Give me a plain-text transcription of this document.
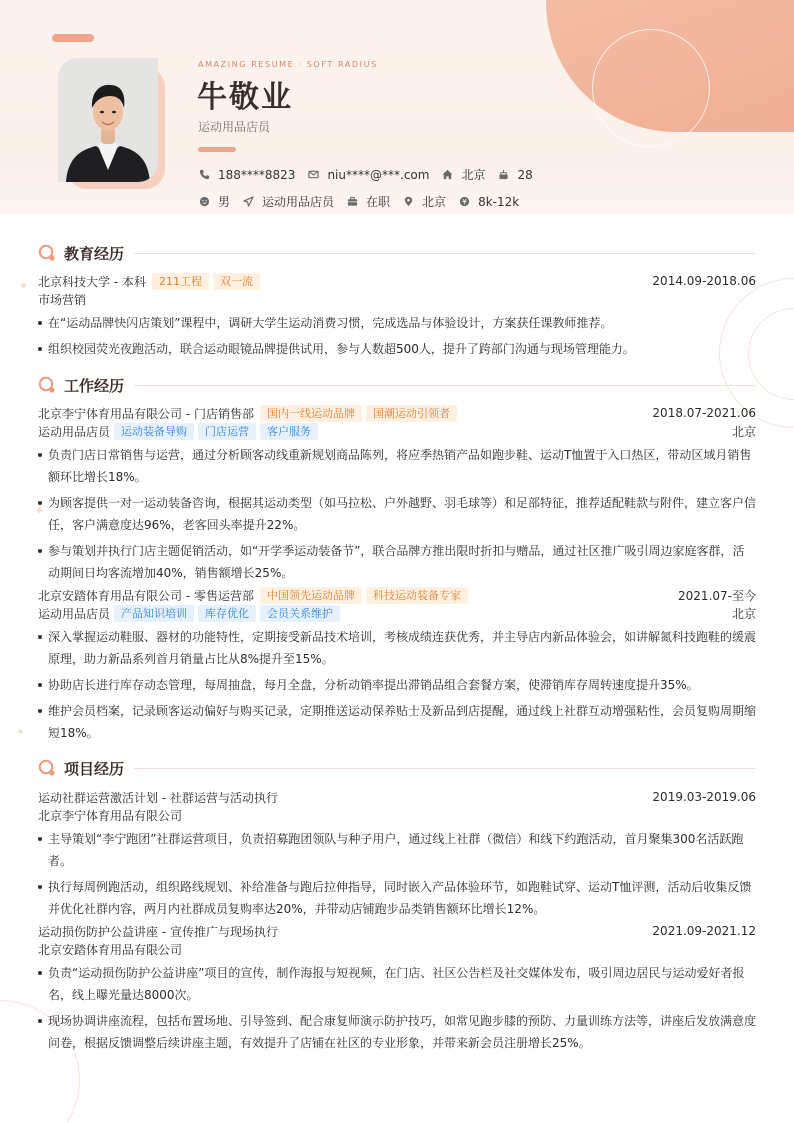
AMAZING RESUME · SOFT RADIUS
牛敬业
运动用品店员
188****8823	niu****@***.com	北京	28
男	运动用品店员	在职	北京	8k-12k
教育经历
北京科技大学 - 本科	211工程	双一流	2014.09-2018.06
市场营销
在“运动品牌快闪店策划”课程中，调研大学生运动消费习惯，完成选品与体验设计，方案获任课教师推荐。
组织校园荧光夜跑活动，联合运动眼镜品牌提供试用，参与人数超500人，提升了跨部门沟通与现场管理能力。
工作经历
北京李宁体育用品有限公司 - 门店销售部	国内一线运动品牌	国潮运动引领者	2018.07-2021.06
运动用品店员	运动装备导购	门店运营	客户服务	北京
负责门店日常销售与运营，通过分析顾客动线重新规划商品陈列，将应季热销产品如跑步鞋、运动T恤置于入口热区，带动区域月销售额环比增长18%。
为顾客提供一对一运动装备咨询，根据其运动类型（如马拉松、户外越野、羽毛球等）和足部特征，推荐适配鞋款与附件，建立客户信任，客户满意度达96%，老客回头率提升22%。
参与策划并执行门店主题促销活动，如“开学季运动装备节”，联合品牌方推出限时折扣与赠品，通过社区推广吸引周边家庭客群，活动期间日均客流增加40%，销售额增长25%。
北京安踏体育用品有限公司 - 零售运营部	中国领先运动品牌	科技运动装备专家	2021.07-至今
运动用品店员	产品知识培训	库存优化	会员关系维护	北京
深入掌握运动鞋服、器材的功能特性，定期接受新品技术培训，考核成绩连获优秀，并主导店内新品体验会，如讲解氮科技跑鞋的缓震原理，助力新品系列首月销量占比从8%提升至15%。
协助店长进行库存动态管理，每周抽盘，每月全盘，分析动销率提出滞销品组合套餐方案，使滞销库存周转速度提升35%。
维护会员档案，记录顾客运动偏好与购买记录，定期推送运动保养贴士及新品到店提醒，通过线上社群互动增强粘性，会员复购周期缩短18%。
项目经历
运动社群运营激活计划 - 社群运营与活动执行	2019.03-2019.06
北京李宁体育用品有限公司
主导策划“李宁跑团”社群运营项目，负责招募跑团领队与种子用户，通过线上社群（微信）和线下约跑活动，首月聚集300名活跃跑者。
执行每周例跑活动，组织路线规划、补给准备与跑后拉伸指导，同时嵌入产品体验环节，如跑鞋试穿、运动T恤评测，活动后收集反馈并优化社群内容，两月内社群成员复购率达20%，并带动店铺跑步品类销售额环比增长12%。
运动损伤防护公益讲座 - 宣传推广与现场执行	2021.09-2021.12
北京安踏体育用品有限公司
负责“运动损伤防护公益讲座”项目的宣传，制作海报与短视频，在门店、社区公告栏及社交媒体发布，吸引周边居民与运动爱好者报名，线上曝光量达8000次。
现场协调讲座流程，包括布置场地、引导签到、配合康复师演示防护技巧，如常见跑步膝的预防、力量训练方法等，讲座后发放满意度问卷，根据反馈调整后续讲座主题，有效提升了店铺在社区的专业形象，并带来新会员注册增长25%。
